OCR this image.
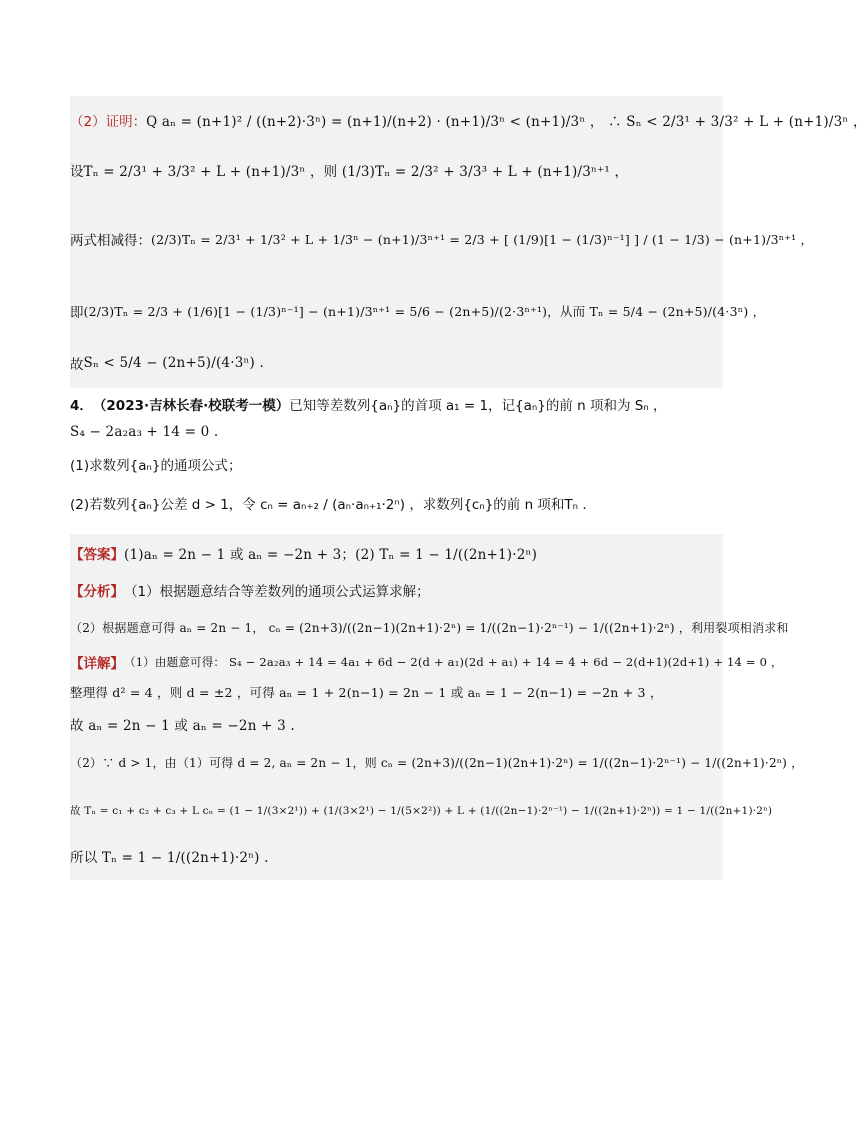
（2）证明： Q aₙ = (n+1)² / ((n+2)·3ⁿ) = (n+1)/(n+2) · (n+1)/3ⁿ < (n+1)/3ⁿ ， ∴ Sₙ < 2/3¹ + 3/3² + L + (n+1)/3ⁿ ，
设 Tₙ = 2/3¹ + 3/3² + L + (n+1)/3ⁿ ，则 (1/3)Tₙ = 2/3² + 3/3³ + L + (n+1)/3ⁿ⁺¹ ，
两式相减得： (2/3)Tₙ = 2/3¹ + 1/3² + L + 1/3ⁿ − (n+1)/3ⁿ⁺¹ = 2/3 + [ (1/9)[1 − (1/3)ⁿ⁻¹] ] / (1 − 1/3) − (n+1)/3ⁿ⁺¹ ，
即 (2/3)Tₙ = 2/3 + (1/6)[1 − (1/3)ⁿ⁻¹] − (n+1)/3ⁿ⁺¹ = 5/6 − (2n+5)/(2·3ⁿ⁺¹)，从而 Tₙ = 5/4 − (2n+5)/(4·3ⁿ) ，
故 Sₙ < 5/4 − (2n+5)/(4·3ⁿ) .
4． （2023·吉林长春·校联考一模） 已知等差数列{aₙ}的首项 a₁ = 1，记{aₙ}的前 n 项和为 Sₙ ，
S₄ − 2a₂a₃ + 14 = 0 .
(1)求数列{aₙ}的通项公式；
(2)若数列{aₙ}公差 d > 1，令 cₙ = aₙ₊₂ / (aₙ·aₙ₊₁·2ⁿ) ，求数列{cₙ}的前 n 项和Tₙ .
【答案】 (1)aₙ = 2n − 1 或 aₙ = −2n + 3；(2) Tₙ = 1 − 1/((2n+1)·2ⁿ)
【分析】 （1）根据题意结合等差数列的通项公式运算求解；
（2）根据题意可得 aₙ = 2n − 1， cₙ = (2n+3)/((2n−1)(2n+1)·2ⁿ) = 1/((2n−1)·2ⁿ⁻¹) − 1/((2n+1)·2ⁿ) ，利用裂项相消求和
【详解】 （1）由题意可得： S₄ − 2a₂a₃ + 14 = 4a₁ + 6d − 2(d + a₁)(2d + a₁) + 14 = 4 + 6d − 2(d+1)(2d+1) + 14 = 0 ，
整理得 d² = 4 ，则 d = ±2 ，可得 aₙ = 1 + 2(n−1) = 2n − 1 或 aₙ = 1 − 2(n−1) = −2n + 3 ，
故 aₙ = 2n − 1 或 aₙ = −2n + 3 .
（2）∵ d > 1，由（1）可得 d = 2, aₙ = 2n − 1，则 cₙ = (2n+3)/((2n−1)(2n+1)·2ⁿ) = 1/((2n−1)·2ⁿ⁻¹) − 1/((2n+1)·2ⁿ) ，
故 Tₙ = c₁ + c₂ + c₃ + L cₙ = (1 − 1/(3×2¹)) + (1/(3×2¹) − 1/(5×2²)) + L + (1/((2n−1)·2ⁿ⁻¹) − 1/((2n+1)·2ⁿ)) = 1 − 1/((2n+1)·2ⁿ)
所以 Tₙ = 1 − 1/((2n+1)·2ⁿ) .
